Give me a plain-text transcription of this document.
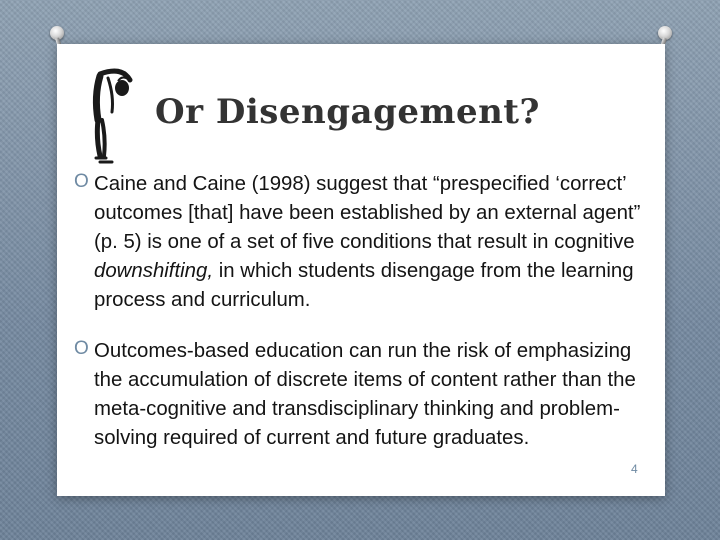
Or Disengagement?
O Caine and Caine (1998) suggest that “prespecified ‘correct’ outcomes [that] have been established by an external agent” (p. 5) is one of a set of five conditions that result in cognitive downshifting, in which students disengage from the learning process and curriculum.
O Outcomes-based education can run the risk of emphasizing the accumulation of discrete items of content rather than the meta-cognitive and transdisciplinary thinking and problem-solving required of current and future graduates.
4
